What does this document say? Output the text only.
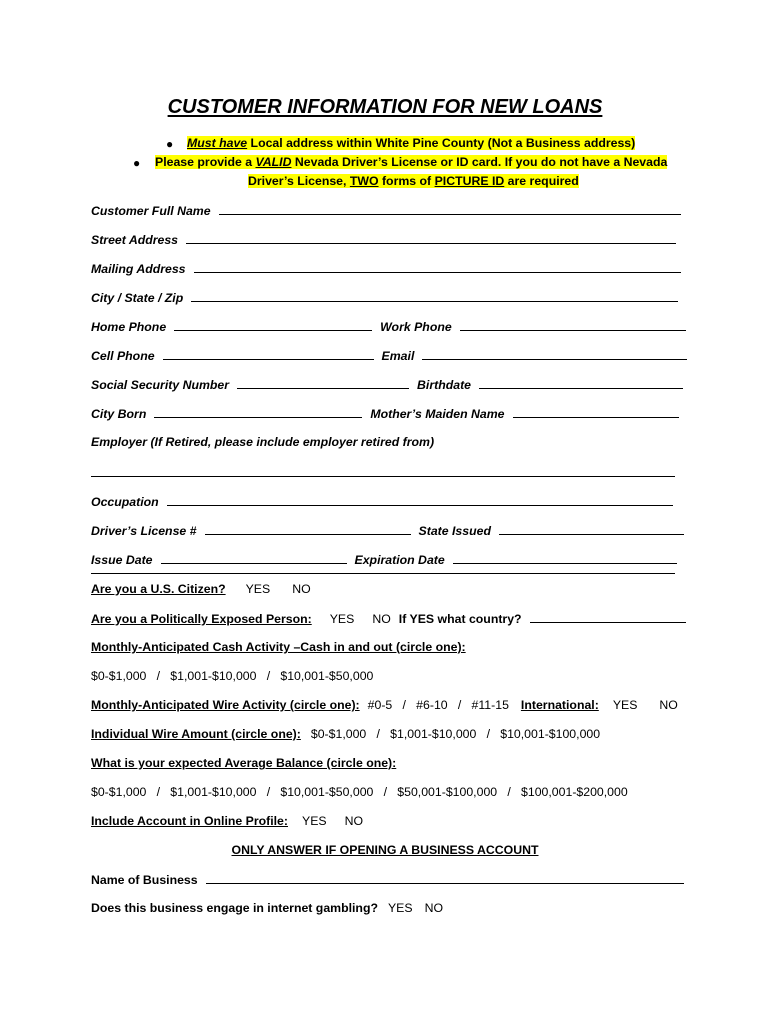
CUSTOMER INFORMATION FOR NEW LOANS
● Must have Local address within White Pine County (Not a Business address)
● Please provide a VALID Nevada Driver’s License or ID card. If you do not have a Nevada
Driver’s License, TWO forms of PICTURE ID are required
Customer Full Name
Street Address
Mailing Address
City / State / Zip
Home Phone	Work Phone
Cell Phone	Email
Social Security Number	Birthdate
City Born	Mother’s Maiden Name
Employer (If Retired, please include employer retired from)
Occupation
Driver’s License #	State Issued
Issue Date	Expiration Date
Are you a U.S. Citizen? YES NO
Are you a Politically Exposed Person: YES NO If YES what country?
Monthly-Anticipated Cash Activity –Cash in and out (circle one):
$0-$1,000   /   $1,001-$10,000   /   $10,001-$50,000
Monthly-Anticipated Wire Activity (circle one): #0-5   /   #6-10   /   #11-15 International: YES NO
Individual Wire Amount (circle one): $0-$1,000   /   $1,001-$10,000   /   $10,001-$100,000
What is your expected Average Balance (circle one):
$0-$1,000   /   $1,001-$10,000   /   $10,001-$50,000   /   $50,001-$100,000   /   $100,001-$200,000
Include Account in Online Profile: YES NO
ONLY ANSWER IF OPENING A BUSINESS ACCOUNT
Name of Business
Does this business engage in internet gambling? YES NO
